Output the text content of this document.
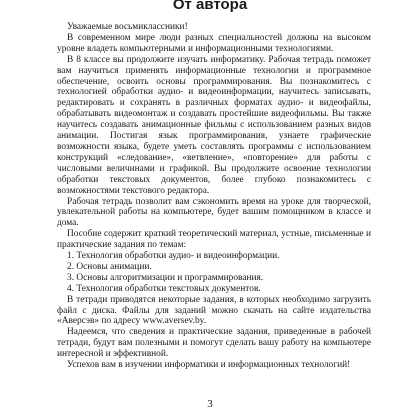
От автора

Уважаемые восьмиклассники!

В современном мире люди разных специальностей должны на высоком уровне владеть компьютерными и информационными технологиями.

В 8 классе вы продолжите изучать информатику. Рабочая тетрадь поможет вам научиться применять информационные технологии и программное обеспечение, освоить основы программирования. Вы познакомитесь с технологией обработки аудио- и видеоинформации, научитесь записывать, редактировать и сохранять в различных форматах аудио- и видеофайлы, обрабатывать видеомонтаж и создавать простейшие видеофильмы. Вы также научитесь создавать анимационные фильмы с использованием разных видов анимации. Постигая язык программирования, узнаете графические возможности языка, будете уметь составлять программы с использованием конструкций «следование», «ветвление», «повторение» для работы с числовыми величинами и графикой. Вы продолжите освоение технологии обработки текстовых документов, более глубоко познакомитесь с возможностями текстового редактора.

Рабочая тетрадь позволит вам сэкономить время на уроке для творческой, увлекательной работы на компьютере, будет вашим помощником в классе и дома.

Пособие содержит краткий теоретический материал, устные, письменные и практические задания по темам:

1. Технология обработки аудио- и видеоинформации.

2. Основы анимации.

3. Основы алгоритмизации и программирования.

4. Технология обработки текстовых документов.

В тетради приводятся некоторые задания, в которых необходимо загрузить файл с диска. Файлы для заданий можно скачать на сайте издательства «Аверсэв» по адресу www.aversev.by.

Надеемся, что сведения и практические задания, приведенные в рабочей тетради, будут вам полезными и помогут сделать вашу работу на компьютере интересной и эффективной.

Успехов вам в изучении информатики и информационных технологий!

3
